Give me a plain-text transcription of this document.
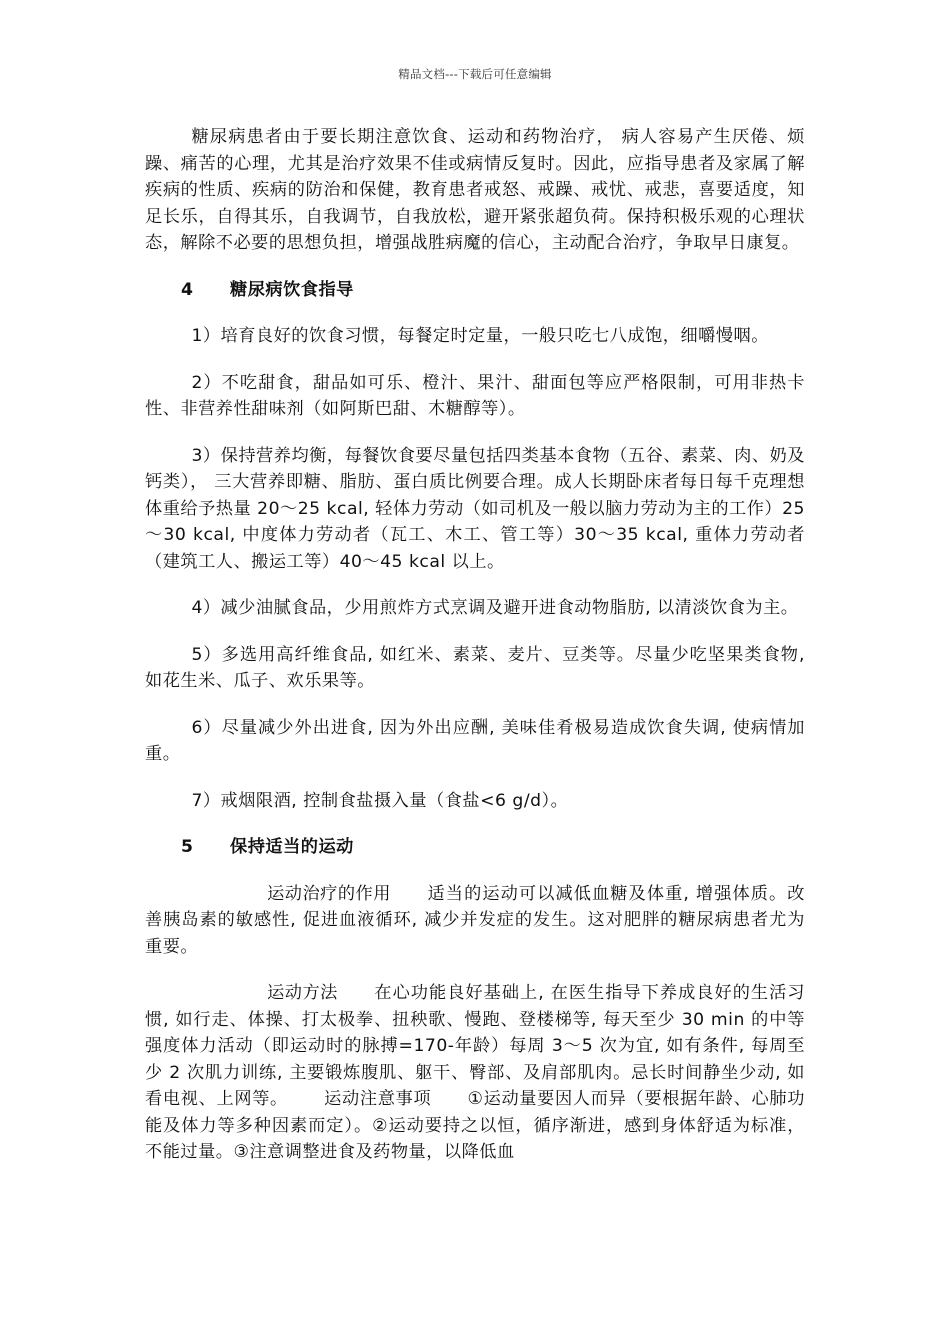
精品文档---下载后可任意编辑

糖尿病患者由于要长期注意饮食、运动和药物治疗， 病人容易产生厌倦、烦躁、痛苦的心理，尤其是治疗效果不佳或病情反复时。因此，应指导患者及家属了解疾病的性质、疾病的防治和保健，教育患者戒怒、戒躁、戒忧、戒悲，喜要适度，知足长乐，自得其乐，自我调节，自我放松，避开紧张超负荷。保持积极乐观的心理状态，解除不必要的思想负担，增强战胜病魔的信心，主动配合治疗，争取早日康复。

4 糖尿病饮食指导

1）培育良好的饮食习惯，每餐定时定量，一般只吃七八成饱，细嚼慢咽。

2）不吃甜食，甜品如可乐、橙汁、果汁、甜面包等应严格限制，可用非热卡性、非营养性甜味剂（如阿斯巴甜、木糖醇等）。

3）保持营养均衡，每餐饮食要尽量包括四类基本食物（五谷、素菜、肉、奶及钙类）， 三大营养即糖、脂肪、蛋白质比例要合理。成人长期卧床者每日每千克理想体重给予热量 20～25 kcal, 轻体力劳动（如司机及一般以脑力劳动为主的工作）25～30 kcal, 中度体力劳动者（瓦工、木工、管工等）30～35 kcal, 重体力劳动者（建筑工人、搬运工等）40～45 kcal 以上。

4）减少油腻食品，少用煎炸方式烹调及避开进食动物脂肪, 以清淡饮食为主。

5）多选用高纤维食品, 如红米、素菜、麦片、豆类等。尽量少吃坚果类食物, 如花生米、瓜子、欢乐果等。

6）尽量减少外出进食, 因为外出应酬, 美味佳肴极易造成饮食失调, 使病情加重。

7）戒烟限酒, 控制食盐摄入量（食盐<6 g/d）。

5 保持适当的运动

运动治疗的作用 适当的运动可以减低血糖及体重, 增强体质。改善胰岛素的敏感性, 促进血液循环, 减少并发症的发生。这对肥胖的糖尿病患者尤为重要。

运动方法 在心功能良好基础上, 在医生指导下养成良好的生活习惯, 如行走、体操、打太极拳、扭秧歌、慢跑、登楼梯等, 每天至少 30 min 的中等强度体力活动（即运动时的脉搏=170-年龄）每周 3～5 次为宜, 如有条件, 每周至少 2 次肌力训练, 主要锻炼腹肌、躯干、臀部、及肩部肌肉。忌长时间静坐少动, 如看电视、上网等。 运动注意事项 ①运动量要因人而异（要根据年龄、心肺功能及体力等多种因素而定）。②运动要持之以恒，循序渐进，感到身体舒适为标准，不能过量。③注意调整进食及药物量，以降低血
